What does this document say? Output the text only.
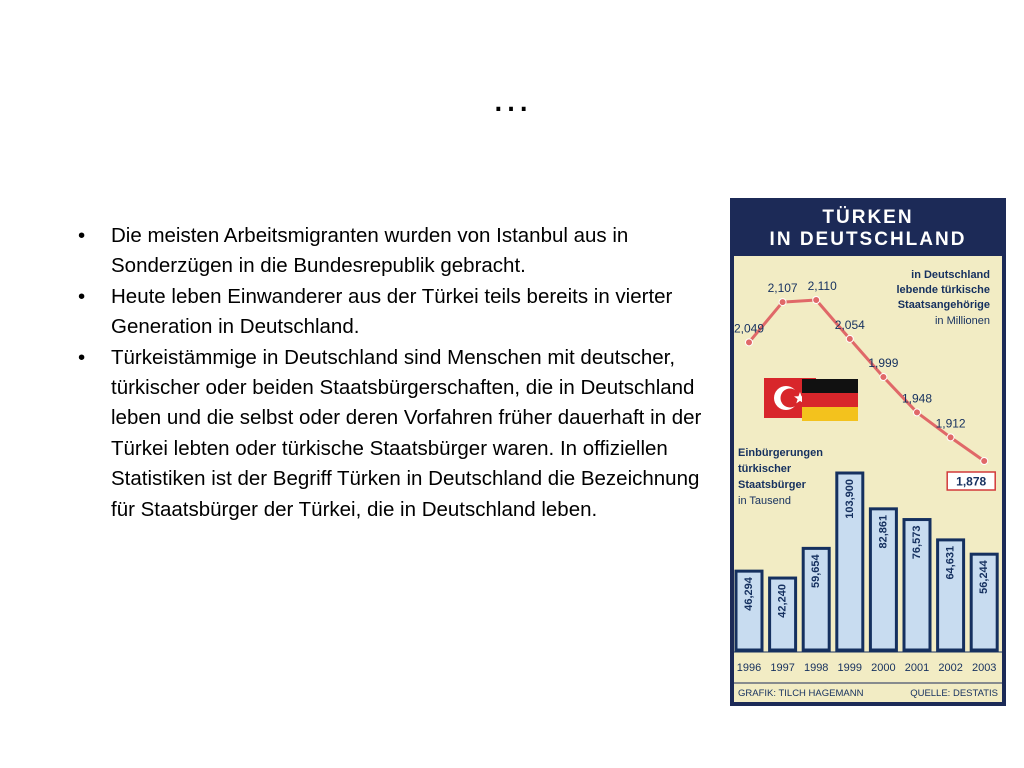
…
• Die meisten Arbeitsmigranten wurden von Istanbul aus in Sonderzügen in die Bundesrepublik gebracht.
• Heute leben Einwanderer aus der Türkei teils bereits in vierter Generation in Deutschland.
• Türkeistämmige in Deutschland sind Menschen mit deutscher, türkischer oder beiden Staatsbürgerschaften, die in Deutschland leben und die selbst oder deren Vorfahren früher dauerhaft in der Türkei lebten oder türkische Staatsbürger waren. In offiziellen Statistiken ist der Begriff Türken in Deutschland die Bezeichnung für Staatsbürger der Türkei, die in Deutschland leben.
TÜRKEN
IN DEUTSCHLAND
in Deutschland
lebende türkische
Staatsangehörige
in Millionen
Einbürgerungen
türkischer
Staatsbürger
in Tausend
46,294 42,240
59,654
103,900
82,861 76,573
64,631 56,244
2,049
2,107 2,110
2,054
1,999
1,948
1,912
1,878
1996 1997 1998 1999 2000 2001 2002 2003
GRAFIK: TILCH HAGEMANN	QUELLE: DESTATIS
